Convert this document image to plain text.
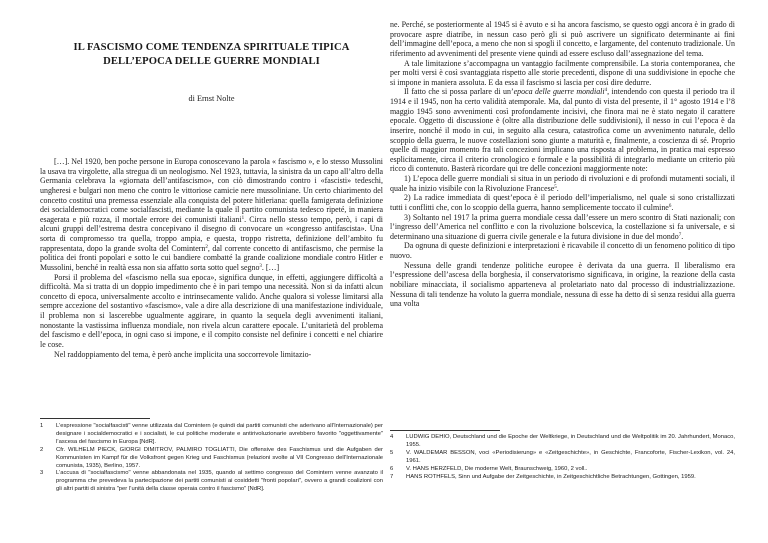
IL FASCISMO COME TENDENZA SPIRITUALE TIPICA
DELL’EPOCA DELLE GUERRE MONDIALI
di Ernst Nolte

[…]. Nel 1920, ben poche persone in Europa conoscevano la parola « fascismo », e lo stesso Mussolini la usava tra virgolette, alla stregua di un neologismo. Nel 1923, tuttavia, la sinistra da un capo all’altro della Germania celebrava la «giornata dell’antifascismo», con ciò dimostrando contro i «fascisti» tedeschi, ungheresi e bulgari non meno che contro le vittoriose camicie nere mussoliniane. Un certo chiarimento del concetto costituì una premessa essenziale alla conquista del potere hitleriana: quella famigerata definizione dei socialdemocratici come socialfascisti, mediante la quale il partito comunista tedesco ripeté, in maniera esagerata e più rozza, il mortale errore dei comunisti italiani$^1$. Circa nello stesso tempo, però, i capi di alcuni gruppi dell’estrema destra concepivano il disegno di convocare un «congresso antifascista». Una sorta di compromesso tra quella, troppo ampia, e questa, troppo ristretta, definizione dell’ambito fu rappresentata, dopo la grande svolta del Comintern$^2$, dal corrente concetto di antifascismo, che permise la politica dei fronti popolari e sotto le cui bandiere combatté la grande coalizione mondiale contro Hitler e Mussolini, benché in realtà essa non sia affatto sorta sotto quel segno$^3$. […]

Porsi il problema del «fascismo nella sua epoca», significa dunque, in effetti, aggiungere difficoltà a difficoltà. Ma si tratta di un doppio impedimento che è in pari tempo una necessità. Non si da infatti alcun concetto di epoca, universalmente accolto e intrinsecamente valido. Anche qualora si volesse limitarsi alla sempre accezione del sostantivo «fascismo», vale a dire alla descrizione di una manifestazione individuale, il problema non si lascerebbe ugualmente aggirare, in quanto la sequela degli avvenimenti italiani, nonostante la vastissima influenza mondiale, non rivela alcun carattere epocale. L’unitarietà del problema del fascismo e dell’epoca, in ogni caso si impone, e il compito consiste nel definire i concetti e nel chiarire le cose.

Nel raddoppiamento del tema, è però anche implicita una soccorrevole limitazio-

1	L’espressione "socialfascisti" venne utilizzata dal Comintern (e quindi dai partiti comunisti che aderivano all’Internazionale) per designare i socialdemocratici e i socialisti, le cui politiche moderate e antirivoluzionarie avrebbero favorito "oggettivamente" l’ascesa del fascismo in Europa [NdR].
2	Cfr. WILHELM PIECK, GIORGI DIMITROV, PALMIRO TOGLIATTI, Die offensive des Faschismus und die Aufgaben der Kommunisten im Kampf für die Volksfront gegen Krieg und Faschismus (relazioni svolte al VII Congresso dell’Internazionale comunista, 1935), Berlino, 1957.
3	L’accusa di "socialfascismo" venne abbandonata nel 1935, quando al settimo congresso del Comintern venne avanzato il programma che prevedeva la partecipazione dei partiti comunisti ai cosiddetti "fronti popolari", ovvero a grandi coalizioni con gli altri partiti di sinistra "per l’unità della classe operaia contro il fascismo" [NdR].

ne. Perché, se posteriormente al 1945 si è avuto e si ha ancora fascismo, se questo oggi ancora è in grado di provocare aspre diatribe, in nessun caso però gli si può ascrivere un significato determinante ai fini dell’immagine dell’epoca, a meno che non si spogli il concetto, e largamente, del contenuto tradizionale. Un riferimento ad avvenimenti del presente viene quindi ad essere escluso dall’assegnazione del tema.

A tale limitazione s’accompagna un vantaggio facilmente comprensibile. La storia contemporanea, che per molti versi è così svantaggiata rispetto alle storie precedenti, dispone di una suddivisione in epoche che si impone in maniera assoluta. E da essa il fascismo si lascia per così dire dedurre.

Il fatto che si possa parlare di un’epoca delle guerre mondiali$^4$, intendendo con questa il periodo tra il 1914 e il 1945, non ha certo validità atemporale. Ma, dal punto di vista del presente, il 1° agosto 1914 e l’8 maggio 1945 sono avvenimenti così profondamente incisivi, che finora mai ne è stato negato il carattere epocale. Oggetto di discussione è (oltre alla distribuzione delle suddivisioni), il nesso in cui l’epoca è da inserire, nonché il modo in cui, in seguito alla cesura, catastrofica come un avvenimento naturale, dello scoppio della guerra, le nuove costellazioni sono giunte a maturità e, finalmente, a coscienza di sé. Proprio quelle di maggior momento fra tali concezioni implicano una risposta al problema, in pratica mai espresso esplicitamente, circa il criterio cronologico e formale e la possibilità di integrarlo mediante un criterio più ricco di contenuto. Basterà ricordare qui tre delle concezioni maggiormente note:

1) L’epoca delle guerre mondiali si situa in un periodo di rivoluzioni e di profondi mutamenti sociali, il quale ha inizio visibile con la Rivoluzione Francese$^5$.

2) La radice immediata di quest’epoca è il periodo dell’imperialismo, nel quale si sono cristallizzati tutti i conflitti che, con lo scoppio della guerra, hanno semplicemente toccato il culmine$^6$.

3) Soltanto nel 1917 la prima guerra mondiale cessa dall’essere un mero scontro di Stati nazionali; con l’ingresso dell’America nel conflitto e con la rivoluzione bolscevica, la costellazione si fa universale, e si determinano una situazione di guerra civile generale e la futura divisione in due del mondo$^7$.

Da ognuna di queste definizioni e interpretazioni è ricavabile il concetto di un fenomeno politico di tipo nuovo.

Nessuna delle grandi tendenze politiche europee è derivata da una guerra. Il liberalismo era l’espressione dell’ascesa della borghesia, il conservatorismo significava, in origine, la reazione della casta nobiliare minacciata, il socialismo apparteneva al proletariato nato dal processo di industrializzazione. Nessuna di tali tendenze ha voluto la guerra mondiale, nessuna di esse ha detto di sì senza residui alla guerra una volta

4	LUDWIG DEHIO, Deutschland und die Epoche der Weltkriege, in Deutschland und die Weltpolitik im 20. Jahrhundert, Monaco, 1955.
5	V. WALDEMAR BESSON, voci «Periodisierung» e «Zeitgeschichte», in Geschichte, Francoforte, Fischer-Lexikon, vol. 24, 1961.
6	V. HANS HERZFELD, Die moderne Welt, Braunschweig, 1960, 2 voll..
7	HANS ROTHFELS, Sinn und Aufgabe der Zeitgeschichte, in Zeitgeschichtliche Betrachtungen, Gottingen, 1959.
